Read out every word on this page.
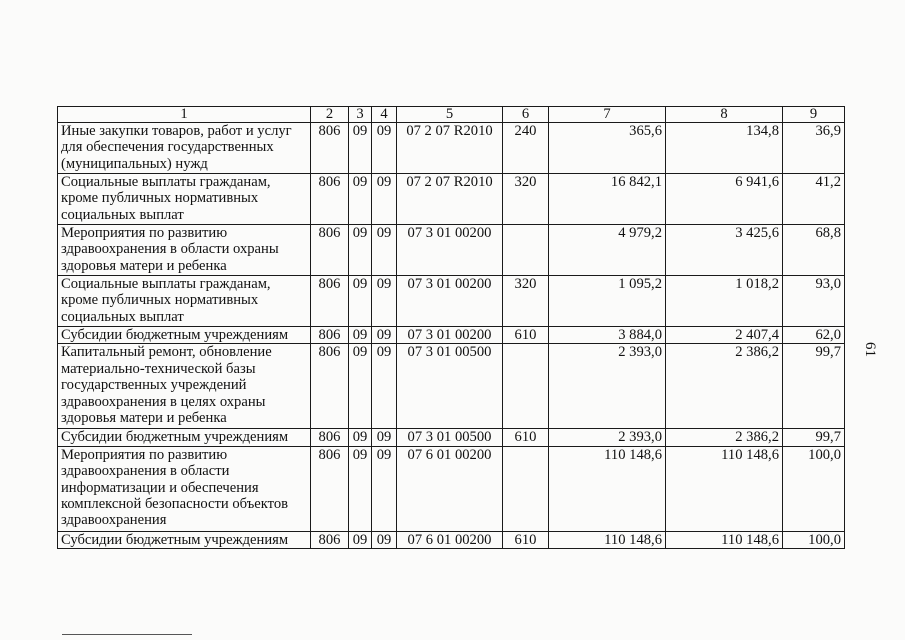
1	2	3	4	5	6	7	8	9
Иные закупки товаров, работ и услуг для обеспечения государственных (муниципальных) нужд	806	09	09	07 2 07 R2010	240	365,6	134,8	36,9
Социальные выплаты гражданам, кроме публичных нормативных социальных выплат	806	09	09	07 2 07 R2010	320	16 842,1	6 941,6	41,2
Мероприятия по развитию здравоохранения в области охраны здоровья матери и ребенка	806	09	09	07 3 01 00200		4 979,2	3 425,6	68,8
Социальные выплаты гражданам, кроме публичных нормативных социальных выплат	806	09	09	07 3 01 00200	320	1 095,2	1 018,2	93,0
Субсидии бюджетным учреждениям	806	09	09	07 3 01 00200	610	3 884,0	2 407,4	62,0
Капитальный ремонт, обновление материально-технической базы государственных учреждений здравоохранения в целях охраны здоровья матери и ребенка	806	09	09	07 3 01 00500		2 393,0	2 386,2	99,7
Субсидии бюджетным учреждениям	806	09	09	07 3 01 00500	610	2 393,0	2 386,2	99,7
Мероприятия по развитию здравоохранения в области информатизации и обеспечения комплексной безопасности объектов здравоохранения	806	09	09	07 6 01 00200		110 148,6	110 148,6	100,0
Субсидии бюджетным учреждениям	806	09	09	07 6 01 00200	610	110 148,6	110 148,6	100,0
61
